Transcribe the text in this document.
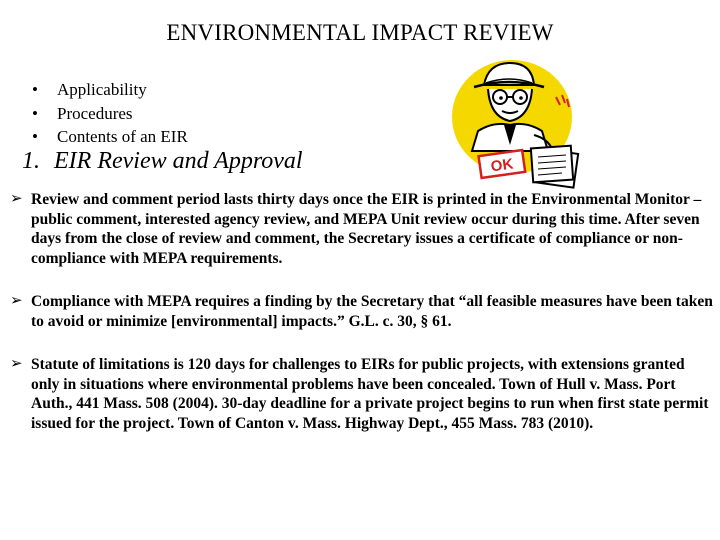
ENVIRONMENTAL IMPACT REVIEW
• Applicability
• Procedures
• Contents of an EIR
1. EIR Review and Approval	OK
➢ Review and comment period lasts thirty days once the EIR is printed in the Environmental Monitor – public comment, interested agency review, and MEPA Unit review occur during this time. After seven days from the close of review and comment, the Secretary issues a certificate of compliance or non-compliance with MEPA requirements.
➢ Compliance with MEPA requires a finding by the Secretary that “all feasible measures have been taken to avoid or minimize [environmental] impacts.” G.L. c. 30, § 61.
➢ Statute of limitations is 120 days for challenges to EIRs for public projects, with extensions granted only in situations where environmental problems have been concealed. Town of Hull v. Mass. Port Auth., 441 Mass. 508 (2004). 30-day deadline for a private project begins to run when first state permit issued for the project. Town of Canton v. Mass. Highway Dept., 455 Mass. 783 (2010).
